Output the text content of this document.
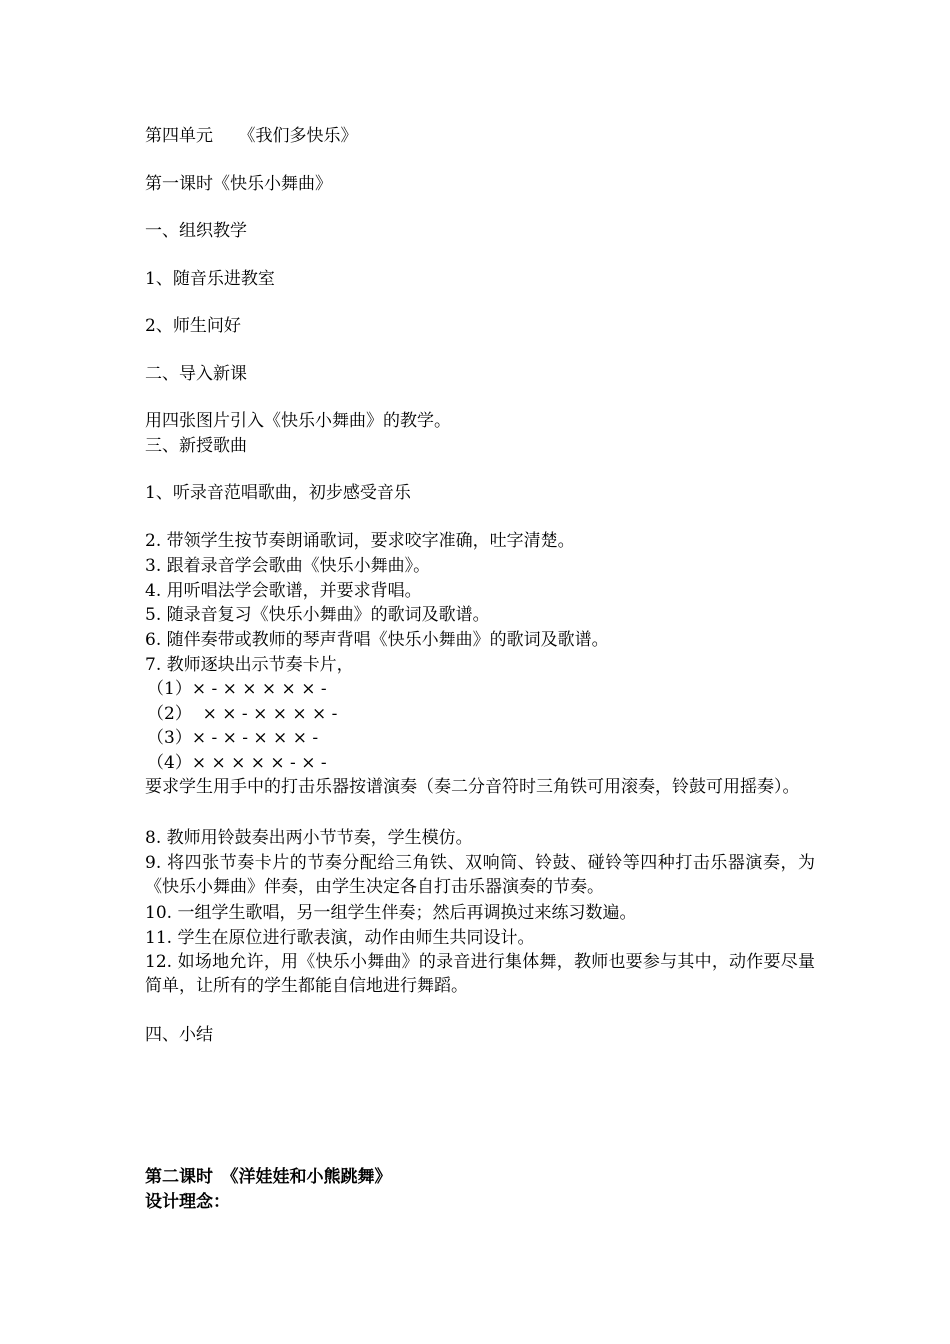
第四单元　　《我们多快乐》
第一课时《快乐小舞曲》
一、组织教学
1、随音乐进教室
2、师生问好
二、导入新课
用四张图片引入《快乐小舞曲》的教学。
三、新授歌曲
1、听录音范唱歌曲，初步感受音乐
2. 带领学生按节奏朗诵歌词，要求咬字准确，吐字清楚。
3. 跟着录音学会歌曲《快乐小舞曲》。
4. 用听唱法学会歌谱，并要求背唱。
5. 随录音复习《快乐小舞曲》的歌词及歌谱。
6. 随伴奏带或教师的琴声背唱《快乐小舞曲》的歌词及歌谱。
7. 教师逐块出示节奏卡片，
（1）× - × × × × × -
（2）  × × - × × × × -
（3）× - × - × × × -
（4）× × × × × - × -
要求学生用手中的打击乐器按谱演奏（奏二分音符时三角铁可用滚奏，铃鼓可用摇奏）。
8. 教师用铃鼓奏出两小节节奏，学生模仿。
9. 将四张节奏卡片的节奏分配给三角铁、双响筒、铃鼓、碰铃等四种打击乐器演奏，为《快乐小舞曲》伴奏，由学生决定各自打击乐器演奏的节奏。
10. 一组学生歌唱，另一组学生伴奏；然后再调换过来练习数遍。
11. 学生在原位进行歌表演，动作由师生共同设计。
12. 如场地允许，用《快乐小舞曲》的录音进行集体舞，教师也要参与其中，动作要尽量简单，让所有的学生都能自信地进行舞蹈。
四、小结
第二课时　《洋娃娃和小熊跳舞》
设计理念：
